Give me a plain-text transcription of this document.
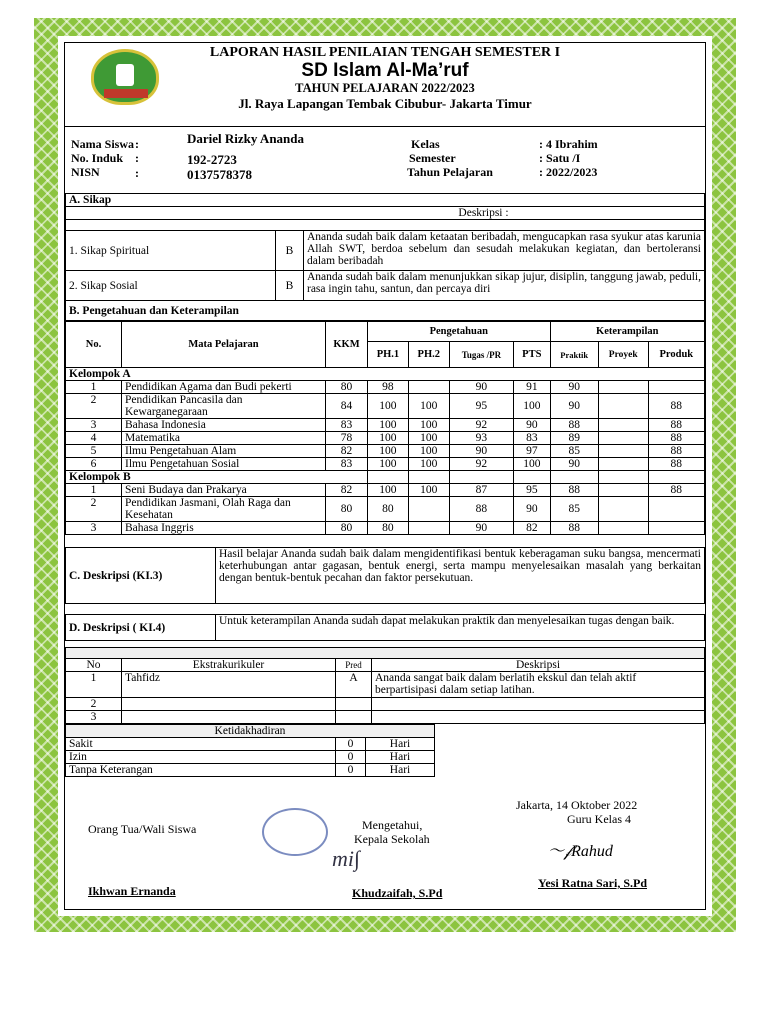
LAPORAN HASIL PENILAIAN TENGAH SEMESTER I
SD Islam Al-Ma’ruf
TAHUN PELAJARAN 2022/2023
Jl. Raya Lapangan Tembak Cibubur- Jakarta Timur
Nama Siswa :	Dariel Rizky Ananda
No. Induk :	192-2723
NISN	:	0137578378
Kelas	: 4 Ibrahim
Semester	: Satu /I
Tahun Pelajaran	: 2022/2023
A. Sikap		
Deskripsi :		

1. Sikap Spiritual	B	Ananda sudah baik dalam ketaatan beribadah, mengucapkan rasa syukur atas karunia Allah SWT, berdoa sebelum dan sesudah melakukan kegiatan, dan bertoleransi dalam beribadah
2. Sikap Sosial	B	Ananda sudah baik dalam menunjukkan sikap jujur, disiplin, tanggung jawab, peduli, rasa ingin tahu, santun, dan percaya diri
B. Pengetahuan dan Keterampilan		
No.	Mata Pelajaran	KKM	Pengetahuan				Keterampilan		
			PH.1	PH.2	Tugas /PR	PTS	Praktik	Proyek	Produk
Kelompok A									
1	Pendidikan Agama dan Budi pekerti	80	98		90	91	90		
2	Pendidikan Pancasila dan Kewarganegaraan	84	100	100	95	100	90		88
3	Bahasa Indonesia	83	100	100	92	90	88		88
4	Matematika	78	100	100	93	83	89		88
5	Ilmu Pengetahuan Alam	82	100	100	90	97	85		88
6	Ilmu Pengetahuan Sosial	83	100	100	92	100	90		88
Kelompok B									
1	Seni Budaya dan Prakarya	82	100	100	87	95	88		88
2	Pendidikan Jasmani, Olah Raga dan Kesehatan	80	80		88	90	85		
3	Bahasa Inggris	80	80		90	82	88		
C. Deskripsi (KI.3)	Hasil belajar Ananda sudah baik dalam mengidentifikasi bentuk keberagaman suku bangsa, mencermati keterhubungan antar gagasan, bentuk energi, serta mampu menyelesaikan masalah yang berkaitan dengan bentuk-bentuk pecahan dan faktor persekutuan.
D. Deskripsi ( KI.4)	Untuk keterampilan Ananda sudah dapat melakukan praktik dan menyelesaikan tugas dengan baik.

No	Ekstrakurikuler	Pred	Deskripsi
1	Tahfidz	A	Ananda sangat baik dalam berlatih ekskul dan telah aktif berpartisipasi dalam setiap latihan.
2			
3			
Ketidakhadiran		
Sakit	0	Hari
Izin	0	Hari
Tanpa Keterangan	0	Hari
Jakarta, 14 Oktober 2022
Guru Kelas 4
〜𝒻Rahud
Yesi Ratna Sari, S.Pd
Orang Tua/Wali Siswa
Ikhwan Ernanda
Mengetahui,
Kepala Sekolah
mi∫
Khudzaifah, S.Pd
